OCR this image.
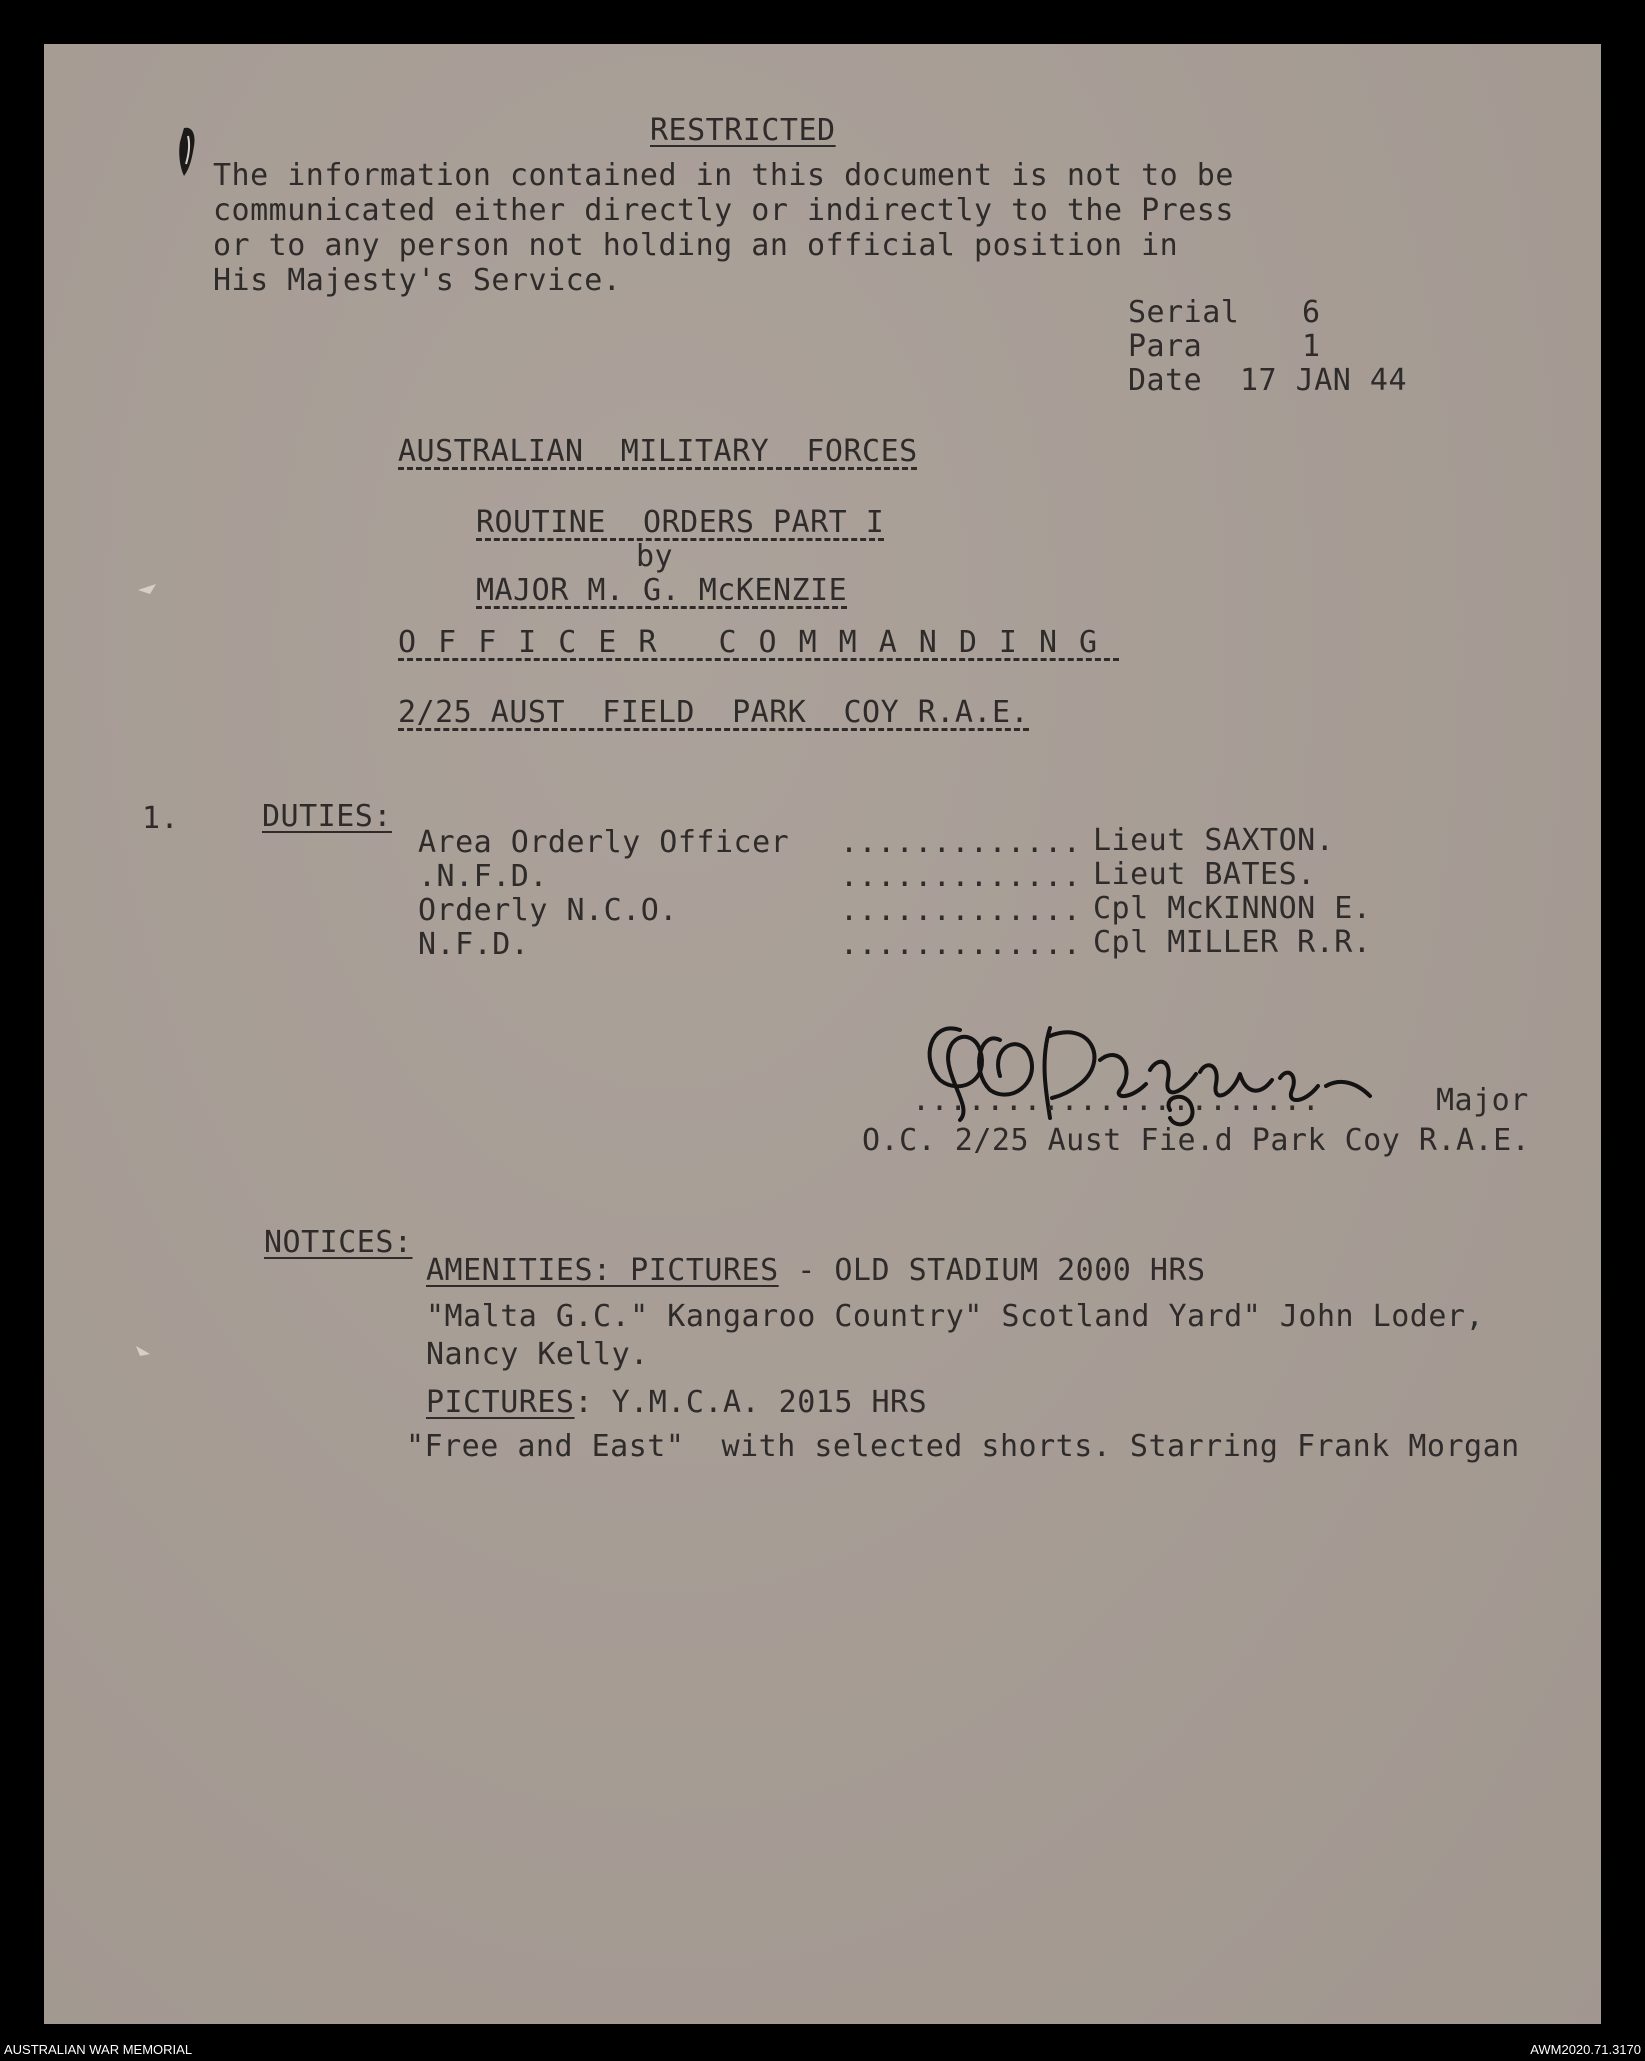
RESTRICTED
The information contained in this document is not to be
communicated either directly or indirectly to the Press
or to any person not holding an official position in
His Majesty's Service.
Serial 6
Para	1
Date 17 JAN 44
AUSTRALIAN  MILITARY  FORCES
ROUTINE  ORDERS PART I
by
MAJOR M. G. McKENZIE
OFFICER COMMANDING
2/25 AUST  FIELD  PARK  COY R.A.E.
1.	DUTIES:
Area Orderly Officer ............. Lieut SAXTON.
.N.F.D.	............. Lieut BATES.
Orderly N.C.O.	............. Cpl McKINNON E.
N.F.D.	............. Cpl MILLER R.R.
......................	Major
O.C. 2/25 Aust Fie.d Park Coy R.A.E.
NOTICES:
AMENITIES: PICTURES - OLD STADIUM 2000 HRS
"Malta G.C." Kangaroo Country" Scotland Yard" John Loder,
Nancy Kelly.
PICTURES: Y.M.C.A. 2015 HRS
"Free and East"  with selected shorts. Starring Frank Morgan
AUSTRALIAN WAR MEMORIAL	AWM2020.71.3170
